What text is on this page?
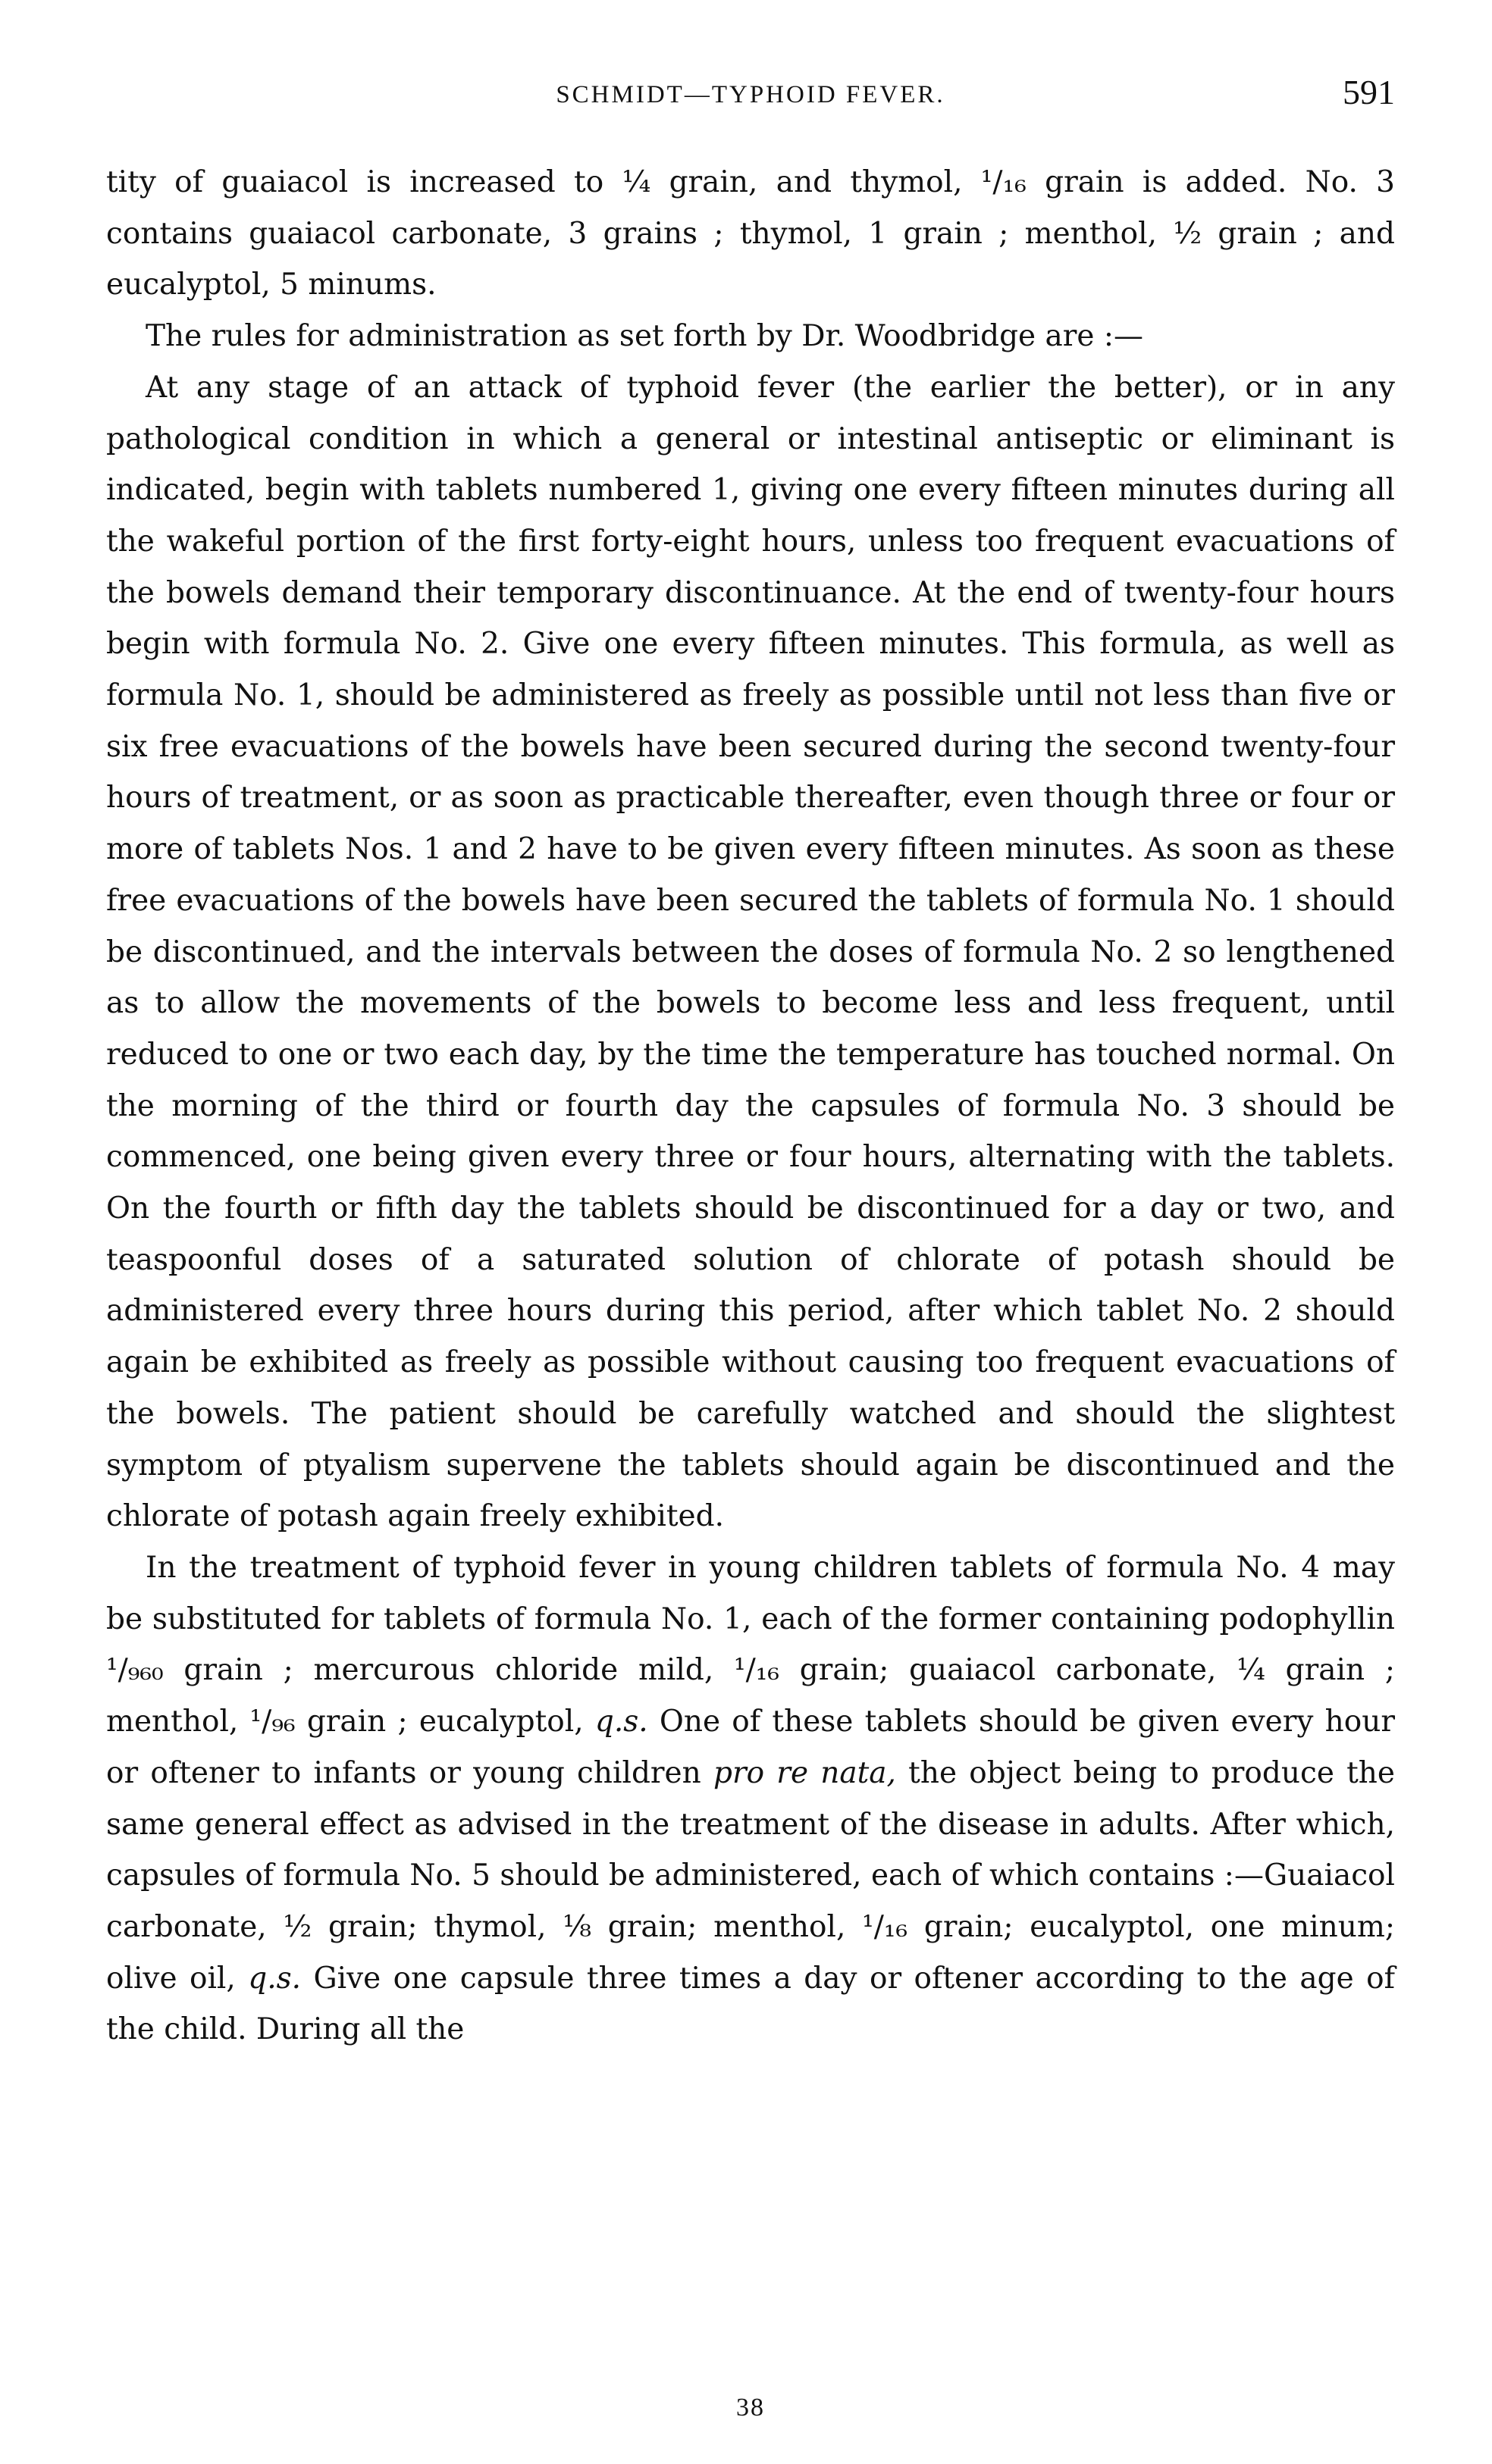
SCHMIDT—TYPHOID FEVER.	591

tity of guaiacol is increased to ¼ grain, and thymol, ¹/₁₆ grain is added. No. 3 contains guaiacol carbonate, 3 grains ; thymol, 1 grain ; menthol, ½ grain ; and eucalyptol, 5 minums.

The rules for administration as set forth by Dr. Woodbridge are :—

At any stage of an attack of typhoid fever (the earlier the better), or in any pathological condition in which a general or intestinal antiseptic or eliminant is indicated, begin with tablets numbered 1, giving one every fifteen minutes during all the wakeful portion of the first forty-eight hours, unless too frequent evacuations of the bowels demand their temporary discontinuance. At the end of twenty-four hours begin with formula No. 2. Give one every fifteen minutes. This formula, as well as formula No. 1, should be administered as freely as possible until not less than five or six free evacuations of the bowels have been secured during the second twenty-four hours of treatment, or as soon as practicable thereafter, even though three or four or more of tablets Nos. 1 and 2 have to be given every fifteen minutes. As soon as these free evacuations of the bowels have been secured the tablets of formula No. 1 should be discontinued, and the intervals between the doses of formula No. 2 so lengthened as to allow the movements of the bowels to become less and less frequent, until reduced to one or two each day, by the time the temperature has touched normal. On the morning of the third or fourth day the capsules of formula No. 3 should be commenced, one being given every three or four hours, alternating with the tablets. On the fourth or fifth day the tablets should be discontinued for a day or two, and teaspoonful doses of a saturated solution of chlorate of potash should be administered every three hours during this period, after which tablet No. 2 should again be exhibited as freely as possible without causing too frequent evacuations of the bowels. The patient should be carefully watched and should the slightest symptom of ptyalism supervene the tablets should again be discontinued and the chlorate of potash again freely exhibited.

In the treatment of typhoid fever in young children tablets of formula No. 4 may be substituted for tablets of formula No. 1, each of the former containing podophyllin ¹/₉₆₀ grain ; mercurous chloride mild, ¹/₁₆ grain; guaiacol carbonate, ¼ grain ; menthol, ¹/₉₆ grain ; eucalyptol, q.s. One of these tablets should be given every hour or oftener to infants or young children pro re nata, the object being to produce the same general effect as advised in the treatment of the disease in adults. After which, capsules of formula No. 5 should be administered, each of which contains :—Guaiacol carbonate, ½ grain; thymol, ⅛ grain; menthol, ¹/₁₆ grain; eucalyptol, one minum; olive oil, q.s. Give one capsule three times a day or oftener according to the age of the child. During all the

38
